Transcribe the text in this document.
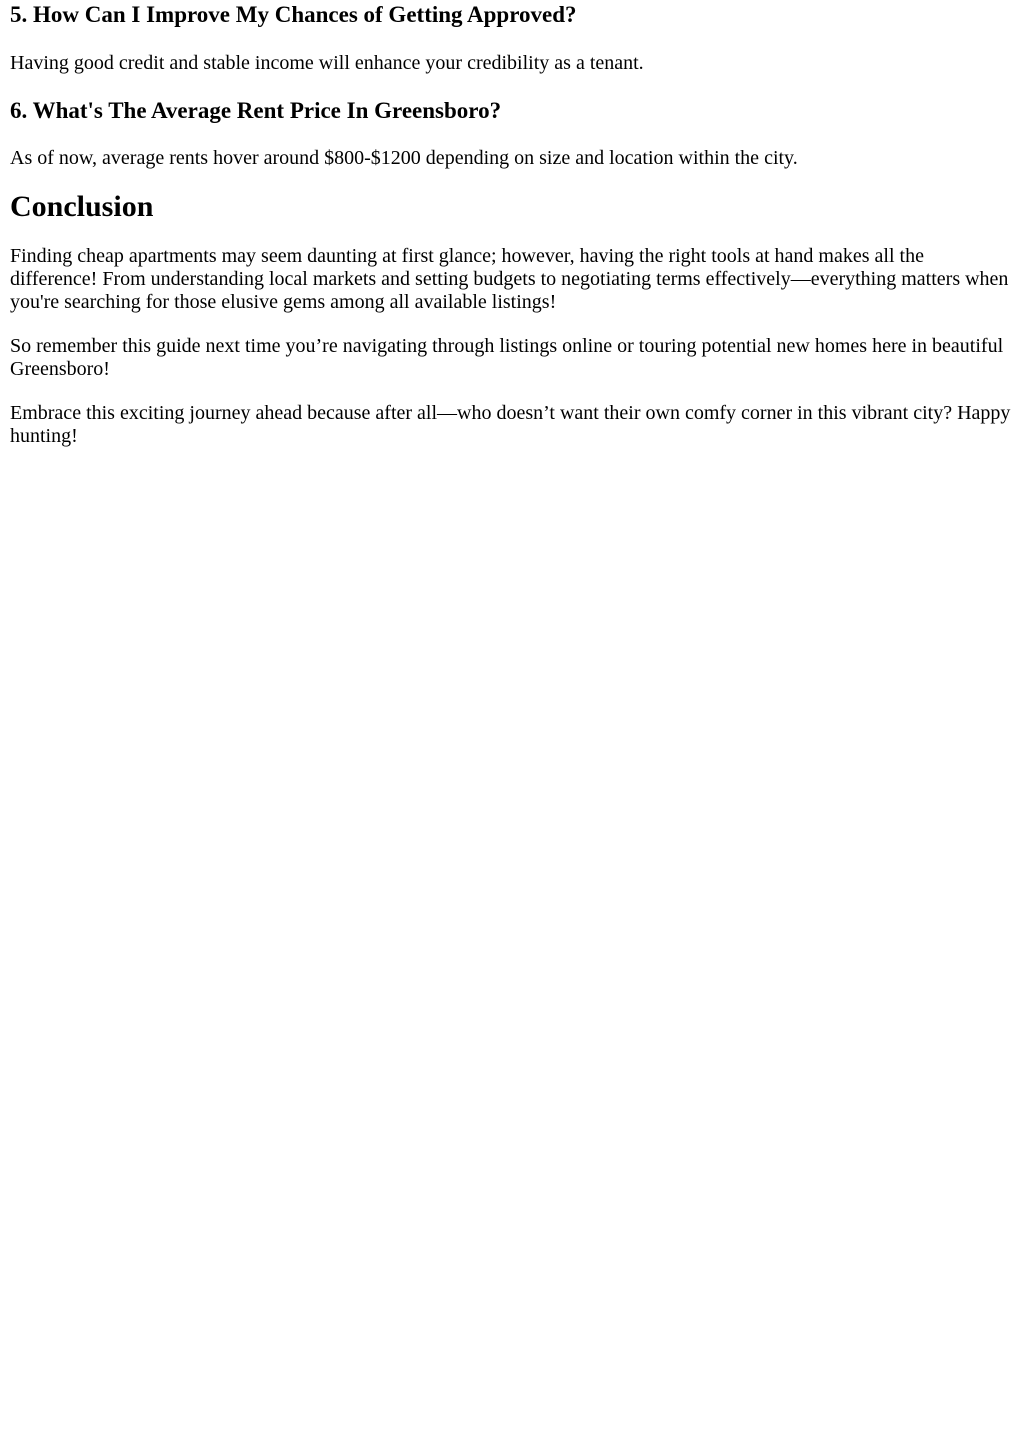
5. How Can I Improve My Chances of Getting Approved?

Having good credit and stable income will enhance your credibility as a tenant.

6. What's The Average Rent Price In Greensboro?

As of now, average rents hover around $800-$1200 depending on size and location within the city.

Conclusion

Finding cheap apartments may seem daunting at first glance; however, having the right tools at hand makes all the difference! From understanding local markets and setting budgets to negotiating terms effectively—everything matters when you're searching for those elusive gems among all available listings!

So remember this guide next time you’re navigating through listings online or touring potential new homes here in beautiful Greensboro!

Embrace this exciting journey ahead because after all—who doesn’t want their own comfy corner in this vibrant city? Happy hunting!
